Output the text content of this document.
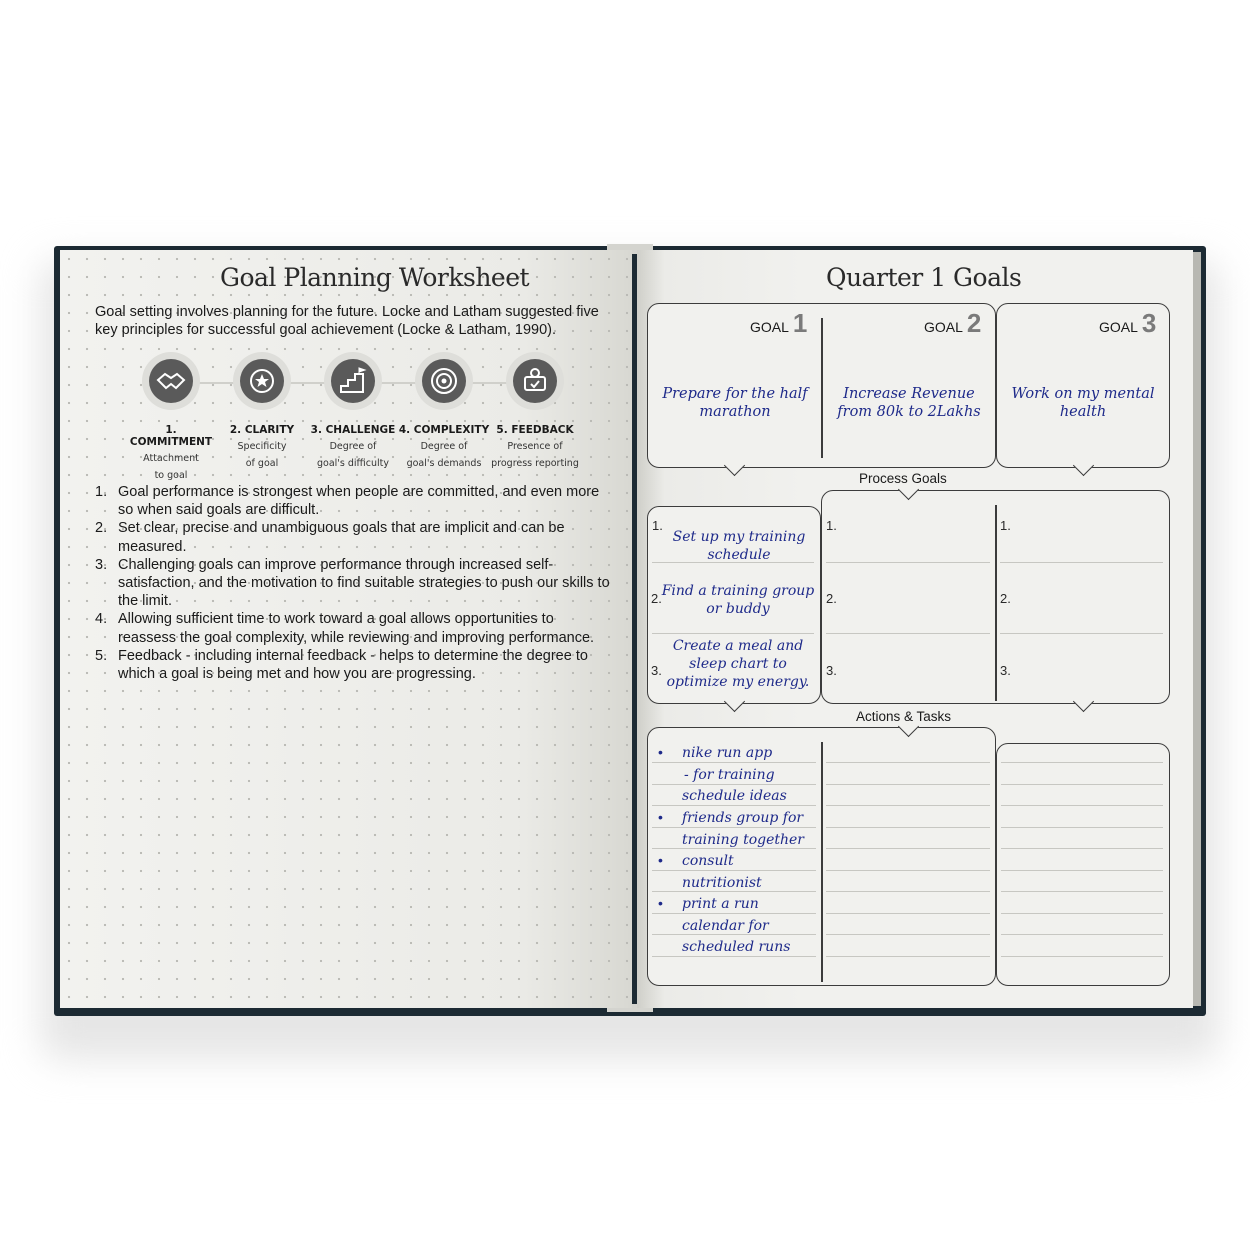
Goal Planning Worksheet
Goal setting involves planning for the future. Locke and Latham suggested five key principles for successful goal achievement (Locke & Latham, 1990).
1. COMMITMENT
Attachment
to goal
2. CLARITY
Specificity
of goal
3. CHALLENGE
Degree of
goal's difficulty
4. COMPLEXITY
Degree of
goal's demands
5. FEEDBACK
Presence of
progress reporting
1. Goal performance is strongest when people are committed, and even more so when said goals are difficult.
2. Set clear, precise and unambiguous goals that are implicit and can be measured.
3. Challenging goals can improve performance through increased self-satisfaction, and the motivation to find suitable strategies to push our skills to the limit.
4. Allowing sufficient time to work toward a goal allows opportunities to reassess the goal complexity, while reviewing and improving performance.
5. Feedback - including internal feedback - helps to determine the degree to which a goal is being met and how you are progressing.
Quarter 1 Goals
GOAL 1	GOAL 2	GOAL 3
Prepare for the half marathon
Increase Revenue from 80k to 2Lakhs
Work on my mental health
Process Goals
1.
2.
3.
1.
2.
3.
1.
2.
3.
Set up my training schedule
Find a training group or buddy
Create a meal and sleep chart to optimize my energy.
Actions & Tasks
• nike run app
- for training
schedule ideas
• friends group for
training together
• consult
nutritionist
• print a run
calendar for
scheduled runs
